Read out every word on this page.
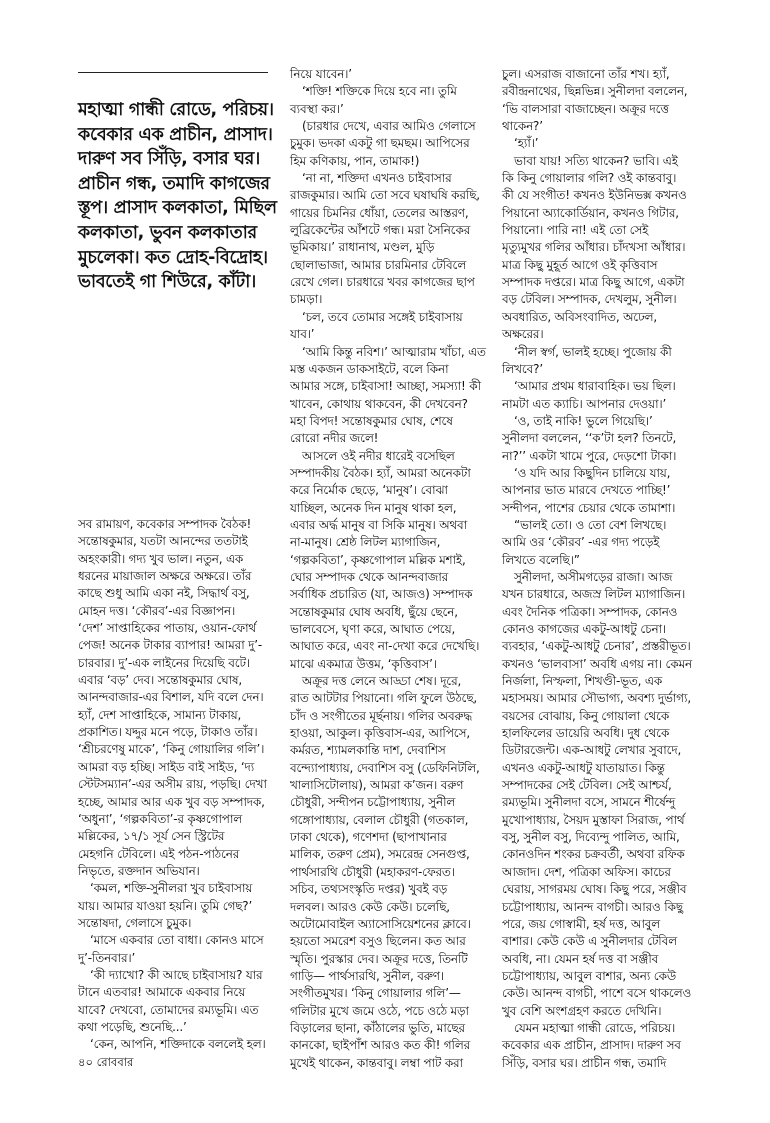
মহাত্মা গান্ধী রোডে, পরিচয়।
কবেকার এক প্রাচীন, প্রাসাদ।
দারুণ সব সিঁড়ি, বসার ঘর।
প্রাচীন গন্ধ, তমাদি কাগজের
স্তূপ। প্রাসাদ কলকাতা, মিছিল
কলকাতা, ভুবন কলকাতার
মুচলেকা। কত দ্রোহ-বিদ্রোহ।
ভাবতেই গা শিউরে, কাঁটা।
সব রামায়ণ, কবেকার সম্পাদক বৈঠক!
সন্তোষকুমার, যতটা আনন্দের ততটাই
অহংকারী। গদ্য খুব ভাল। নতুন, এক
ধরনের মায়াজাল অক্ষরে অক্ষরে। তাঁর
কাছে শুধু আমি একা নই, সিদ্ধার্থ বসু,
মোহন দত্ত। ‘কৌরব’-এর বিজ্ঞাপন।
‘দেশ’ সাপ্তাহিকের পাতায়, ওয়ান-ফোর্থ
পেজ! অনেক টাকার ব্যাপার! আমরা দু’-
চারবার। দু’-এক লাইনের দিয়েছি বটে।
এবার ‘বড়’ দেব। সন্তোষকুমার ঘোষ,
আনন্দবাজার-এর বিশাল, যদি বলে দেন।
হ্যাঁ, দেশ সাপ্তাহিকে, সামান্য টাকায়,
প্রকাশিত। যদ্দুর মনে পড়ে, টাকাও তাঁর।
‘শ্রীচরণেষু মাকে’, ‘কিনু গোয়ালির গলি’।
আমরা বড় হচ্ছি। সাইড বাই সাইড, ‘দ্য
স্টেটসম্যান’-এর অসীম রায়, পড়ছি। দেখা
হচ্ছে, আমার আর এক খুব বড় সম্পাদক,
‘অধুনা’, ‘গল্পকবিতা’-র কৃষ্ণগোপাল
মল্লিকের, ১৭/১ সূর্য সেন স্ট্রিটের
মেহগনি টেবিলে। এই পঠন-পাঠনের
নিভৃতে, রক্তদান অভিযান।
‘কমল, শক্তি-সুনীলরা খুব চাইবাসায়
যায়। আমার যাওয়া হয়নি। তুমি গেছ?’
সন্তোষদা, গেলাসে চুমুক।
‘মাসে একবার তো বাধা। কোনও মাসে
দু’-তিনবার।’
‘কী দ্যাখো? কী আছে চাইবাসায়? যার
টানে এতবার! আমাকে একবার নিয়ে
যাবে? দেখবো, তোমাদের রম্যভূমি। এত
কথা পড়েছি, শুনেছি...’
‘কেন, আপনি, শক্তিদাকে বললেই হল।
নিয়ে যাবেন।’
‘শক্তি! শক্তিকে দিয়ে হবে না। তুমি
ব্যবস্থা কর।’
(চারধার দেখে, এবার আমিও গেলাসে
চুমুক। ভদকা একটু গা ছমছম। আপিসের
হিম কণিকায়, পান, তামাক!)
‘না না, শক্তিদা এখনও চাইবাসার
রাজকুমার। আমি তো সবে ঘষাঘষি করছি,
গায়ের চিমনির ধোঁয়া, তেলের আস্তরণ,
লুব্রিকেন্টের আঁশটে গন্ধ। মরা সৈনিকের
ভূমিকায়।’ রাধানাথ, মণ্ডল, মুড়ি
ছোলাভাজা, আমার চারমিনার টেবিলে
রেখে গেল। চারধারে খবর কাগজের ছাপ
চামড়া।
‘চল, তবে তোমার সঙ্গেই চাইবাসায়
যাব।’
‘আমি কিন্তু নবিশ।’ আত্মারাম খাঁচা, এত
মস্ত একজন ডাকসাইটে, বলে কিনা
আমার সঙ্গে, চাইবাসা! আচ্ছা, সমস্যা! কী
খাবেন, কোথায় থাকবেন, কী দেখবেন?
মহা বিপদ! সন্তোষকুমার ঘোষ, শেষে
রোরো নদীর জলে!
আসলে ওই নদীর ধারেই বসেছিল
সম্পাদকীয় বৈঠক। হ্যাঁ, আমরা অনেকটা
করে নির্মোক ছেড়ে, ‘মানুষ’। বোঝা
যাচ্ছিল, অনেক দিন মানুষ থাকা হল,
এবার অর্দ্ধ মানুষ বা সিকি মানুষ। অথবা
না-মানুষ। শ্রেষ্ঠ লিটল ম্যাগাজিন,
‘গল্পকবিতা’, কৃষ্ণগোপাল মল্লিক মশাই,
ঘোর সম্পাদক থেকে আনন্দবাজার
সর্বাধিক প্রচারিত (যা, আজও) সম্পাদক
সন্তোষকুমার ঘোষ অবধি, ছুঁয়ে ছেনে,
ভালবেসে, ঘৃণা করে, আঘাত পেয়ে,
আঘাত করে, এবং না-দেখা করে দেখেছি।
মাঝে একমাত্র উত্তম, ‘কৃত্তিবাস’।
অক্রূর দত্ত লেনে আড্ডা শেষ। দূরে,
রাত আটটার পিয়ানো। গলি ফুলে উঠছে,
চাঁদ ও সংগীতের মূর্ছনায়। গলির অবরুদ্ধ
হাওয়া, আকুল। কৃত্তিবাস-এর, আপিসে,
কর্মরত, শ্যামলকান্তি দাশ, দেবাশিস
বন্দ্যোপাধ্যায়, দেবাশিস বসু (ডেফিনিটলি,
খালাসিটোলায়), আমরা ক’জন। বরুণ
চৌধুরী, সন্দীপন চট্টোপাধ্যায়, সুনীল
গঙ্গোপাধ্যায়, বেলাল চৌধুরী (গতকাল,
ঢাকা থেকে), গণেশদা (ছাপাখানার
মালিক, তরুণ প্রেম), সমরেন্দ্র সেনগুপ্ত,
পার্থসারথি চৌধুরী (মহাকরণ-ফেরত।
সচিব, তথ্যসংস্কৃতি দপ্তর) খুবই বড়
দলবল। আরও কেউ কেউ। চলেছি,
অটোমোবাইল অ্যাসোসিয়েশনের ক্লাবে।
হয়তো সমরেশ বসুও ছিলেন। কত আর
স্মৃতি। পুরস্কার দেব। অক্রূর দত্তে, তিনটি
গাড়ি— পার্থসারথি, সুনীল, বরুণ।
সংগীতমুখর। ‘কিনু গোয়ালার গলি’—
গলিটার মুখে জমে ওঠে, পচে ওঠে মড়া
বিড়ালের ছানা, কাঁঠালের ভুতি, মাছের
কানকো, ছাইপাঁশ আরও কত কী! গলির
মুখেই থাকেন, কান্তবাবু। লম্বা পাট করা
চুল। এসরাজ বাজানো তাঁর শখ। হ্যাঁ,
রবীন্দ্রনাথের, ছিন্নভিন্ন। সুনীলদা বললেন,
‘ভি বালসারা বাজাচ্ছেন। অক্রূর দত্তে
থাকেন?’
‘হ্যাঁ।’
ভাবা যায়! সত্যি থাকেন? ভাবি। এই
কি কিনু গোয়ালার গলি? ওই কান্তবাবু।
কী যে সংগীত! কখনও ইউনিভক্স কখনও
পিয়ানো অ্যাকোর্ডিয়ান, কখনও গিটার,
পিয়ানো। পারি না! এই তো সেই
মৃত্যুমুখর গলির আঁধার। চাঁদখসা আঁধার।
মাত্র কিছু মুহূর্ত আগে ওই কৃত্তিবাস
সম্পাদক দপ্তরে। মাত্র কিছু আগে, একটা
বড় টেবিল। সম্পাদক, দেখলুম, সুনীল।
অবধারিত, অবিসংবাদিত, অঢেল,
অক্ষরের।
‘নীল স্বর্গ, ভালই হচ্ছে। পুজোয় কী
লিখবে?’
‘আমার প্রথম ধারাবাহিক। ভয় ছিল।
নামটা এত ক্যাচি। আপনার দেওয়া।’
‘ও, তাই নাকি! ভুলে গিয়েছি।’
সুনীলদা বললেন, ‘‘ক’টা হল? তিনটে,
না?’’ একটা খামে পুরে, দেড়শো টাকা।
‘ও যদি আর কিছুদিন চালিয়ে যায়,
আপনার ভাত মারবে দেখতে পাচ্ছি!’
সন্দীপন, পাশের চেয়ার থেকে তামাশা।
“ভালই তো। ও তো বেশ লিখছে।
আমি ওর ‘কৌরব’ -এর গদ্য পড়েই
লিখতে বলেছি।”
সুনীলদা, অসীমগড়ের রাজা। আজ
যখন চারধারে, অজস্র লিটল ম্যাগাজিন।
এবং দৈনিক পত্রিকা। সম্পাদক, কোনও
কোনও কাগজের একটু-আধটু চেনা।
ব্যবহার, ‘একটু-আধটু চেনার’, প্রস্তরীভূত।
কখনও ‘ভালবাসা’ অবধি এগয় না। কেমন
নির্জলা, নিস্ফলা, শিখণ্ডী-ভূত, এক
মহাসময়। আমার সৌভাগ্য, অবশ্য দুর্ভাগ্য,
বয়সের বোঝায়, কিনু গোয়ালা থেকে
হালফিলের ডায়েরি অবধি। দুধ থেকে
ডিটারজেন্ট। এক-আধটু লেখার সুবাদে,
এখনও একটু-আধটু যাতায়াত। কিন্তু
সম্পাদকের সেই টেবিল। সেই আশ্চর্য,
রম্যভূমি। সুনীলদা বসে, সামনে শীর্ষেন্দু
মুখোপাধ্যায়, সৈয়দ মুস্তাফা সিরাজ, পার্থ
বসু, সুনীল বসু, দিব্যেন্দু পালিত, আমি,
কোনওদিন শংকর চক্রবর্তী, অথবা রফিক
আজাদ। দেশ, পত্রিকা অফিস। কাচের
ঘেরায়, সাগরময় ঘোষ। কিছু পরে, সঞ্জীব
চট্টোপাধ্যায়, আনন্দ বাগচী। আরও কিছু
পরে, জয় গোস্বামী, হর্ষ দত্ত, আবুল
বাশার। কেউ কেউ এ সুনীলদার টেবিল
অবধি, না। যেমন হর্ষ দত্ত বা সঞ্জীব
চট্টোপাধ্যায়, আবুল বাশার, অন্য কেউ
কেউ। আনন্দ বাগচী, পাশে বসে থাকলেও
খুব বেশি অংশগ্রহণ করতে দেখিনি।
যেমন মহাত্মা গান্ধী রোডে, পরিচয়।
কবেকার এক প্রাচীন, প্রাসাদ। দারুণ সব
সিঁড়ি, বসার ঘর। প্রাচীন গন্ধ, তমাদি
৪০ রোববার
